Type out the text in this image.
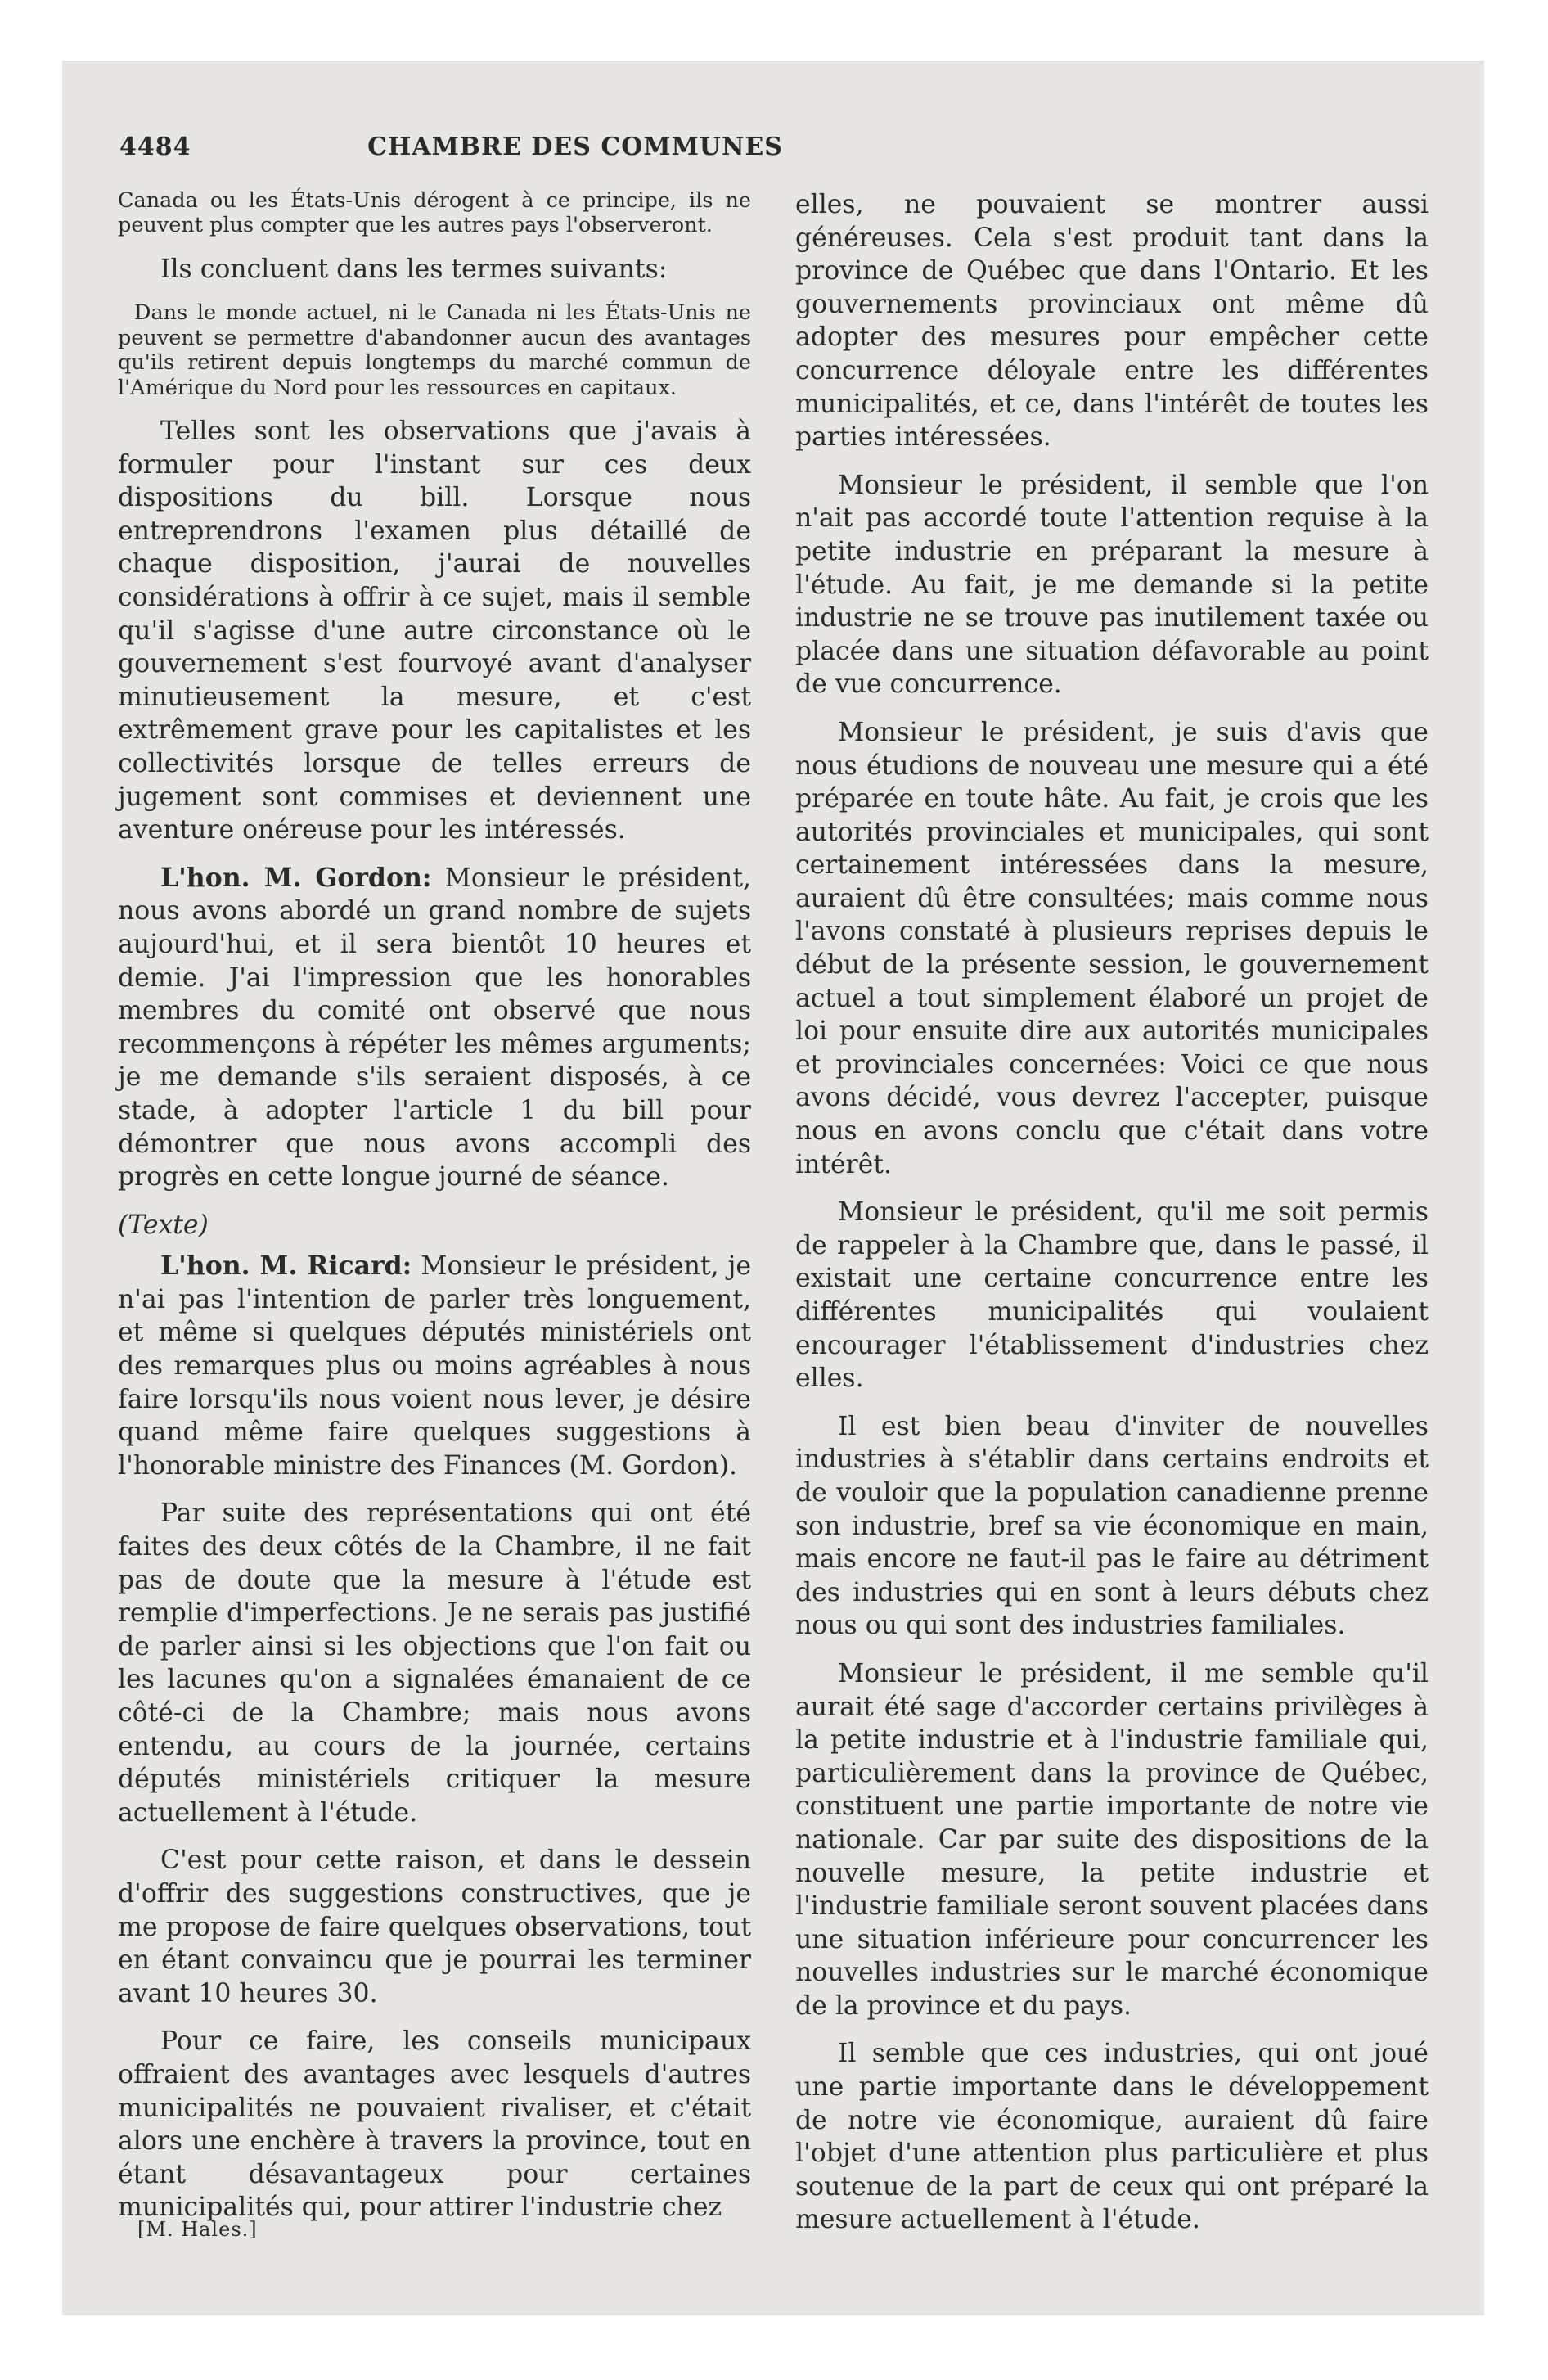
4484	CHAMBRE DES COMMUNES

Canada ou les États-Unis dérogent à ce principe, ils ne peuvent plus compter que les autres pays l'observeront.

Ils concluent dans les termes suivants:

Dans le monde actuel, ni le Canada ni les États-Unis ne peuvent se permettre d'abandonner aucun des avantages qu'ils retirent depuis longtemps du marché commun de l'Amérique du Nord pour les ressources en capitaux.

Telles sont les observations que j'avais à formuler pour l'instant sur ces deux dispositions du bill. Lorsque nous entreprendrons l'examen plus détaillé de chaque disposition, j'aurai de nouvelles considérations à offrir à ce sujet, mais il semble qu'il s'agisse d'une autre circonstance où le gouvernement s'est fourvoyé avant d'analyser minutieusement la mesure, et c'est extrêmement grave pour les capitalistes et les collectivités lorsque de telles erreurs de jugement sont commises et deviennent une aventure onéreuse pour les intéressés.

L'hon. M. Gordon: Monsieur le président, nous avons abordé un grand nombre de sujets aujourd'hui, et il sera bientôt 10 heures et demie. J'ai l'impression que les honorables membres du comité ont observé que nous recommençons à répéter les mêmes arguments; je me demande s'ils seraient disposés, à ce stade, à adopter l'article 1 du bill pour démontrer que nous avons accompli des progrès en cette longue journé de séance.

(Texte)

L'hon. M. Ricard: Monsieur le président, je n'ai pas l'intention de parler très longuement, et même si quelques députés ministériels ont des remarques plus ou moins agréables à nous faire lorsqu'ils nous voient nous lever, je désire quand même faire quelques suggestions à l'honorable ministre des Finances (M. Gordon).

Par suite des représentations qui ont été faites des deux côtés de la Chambre, il ne fait pas de doute que la mesure à l'étude est remplie d'imperfections. Je ne serais pas justifié de parler ainsi si les objections que l'on fait ou les lacunes qu'on a signalées émanaient de ce côté-ci de la Chambre; mais nous avons entendu, au cours de la journée, certains députés ministériels critiquer la mesure actuellement à l'étude.

C'est pour cette raison, et dans le dessein d'offrir des suggestions constructives, que je me propose de faire quelques observations, tout en étant convaincu que je pourrai les terminer avant 10 heures 30.

Pour ce faire, les conseils municipaux offraient des avantages avec lesquels d'autres municipalités ne pouvaient rivaliser, et c'était alors une enchère à travers la province, tout en étant désavantageux pour certaines municipalités qui, pour attirer l'industrie chez

elles, ne pouvaient se montrer aussi généreuses. Cela s'est produit tant dans la province de Québec que dans l'Ontario. Et les gouvernements provinciaux ont même dû adopter des mesures pour empêcher cette concurrence déloyale entre les différentes municipalités, et ce, dans l'intérêt de toutes les parties intéressées.

Monsieur le président, il semble que l'on n'ait pas accordé toute l'attention requise à la petite industrie en préparant la mesure à l'étude. Au fait, je me demande si la petite industrie ne se trouve pas inutilement taxée ou placée dans une situation défavorable au point de vue concurrence.

Monsieur le président, je suis d'avis que nous étudions de nouveau une mesure qui a été préparée en toute hâte. Au fait, je crois que les autorités provinciales et municipales, qui sont certainement intéressées dans la mesure, auraient dû être consultées; mais comme nous l'avons constaté à plusieurs reprises depuis le début de la présente session, le gouvernement actuel a tout simplement élaboré un projet de loi pour ensuite dire aux autorités municipales et provinciales concernées: Voici ce que nous avons décidé, vous devrez l'accepter, puisque nous en avons conclu que c'était dans votre intérêt.

Monsieur le président, qu'il me soit permis de rappeler à la Chambre que, dans le passé, il existait une certaine concurrence entre les différentes municipalités qui voulaient encourager l'établissement d'industries chez elles.

Il est bien beau d'inviter de nouvelles industries à s'établir dans certains endroits et de vouloir que la population canadienne prenne son industrie, bref sa vie économique en main, mais encore ne faut-il pas le faire au détriment des industries qui en sont à leurs débuts chez nous ou qui sont des industries familiales.

Monsieur le président, il me semble qu'il aurait été sage d'accorder certains privilèges à la petite industrie et à l'industrie familiale qui, particulièrement dans la province de Québec, constituent une partie importante de notre vie nationale. Car par suite des dispositions de la nouvelle mesure, la petite industrie et l'industrie familiale seront souvent placées dans une situation inférieure pour concurrencer les nouvelles industries sur le marché économique de la province et du pays.

Il semble que ces industries, qui ont joué une partie importante dans le développement de notre vie économique, auraient dû faire l'objet d'une attention plus particulière et plus soutenue de la part de ceux qui ont préparé la mesure actuellement à l'étude.

[M. Hales.]
